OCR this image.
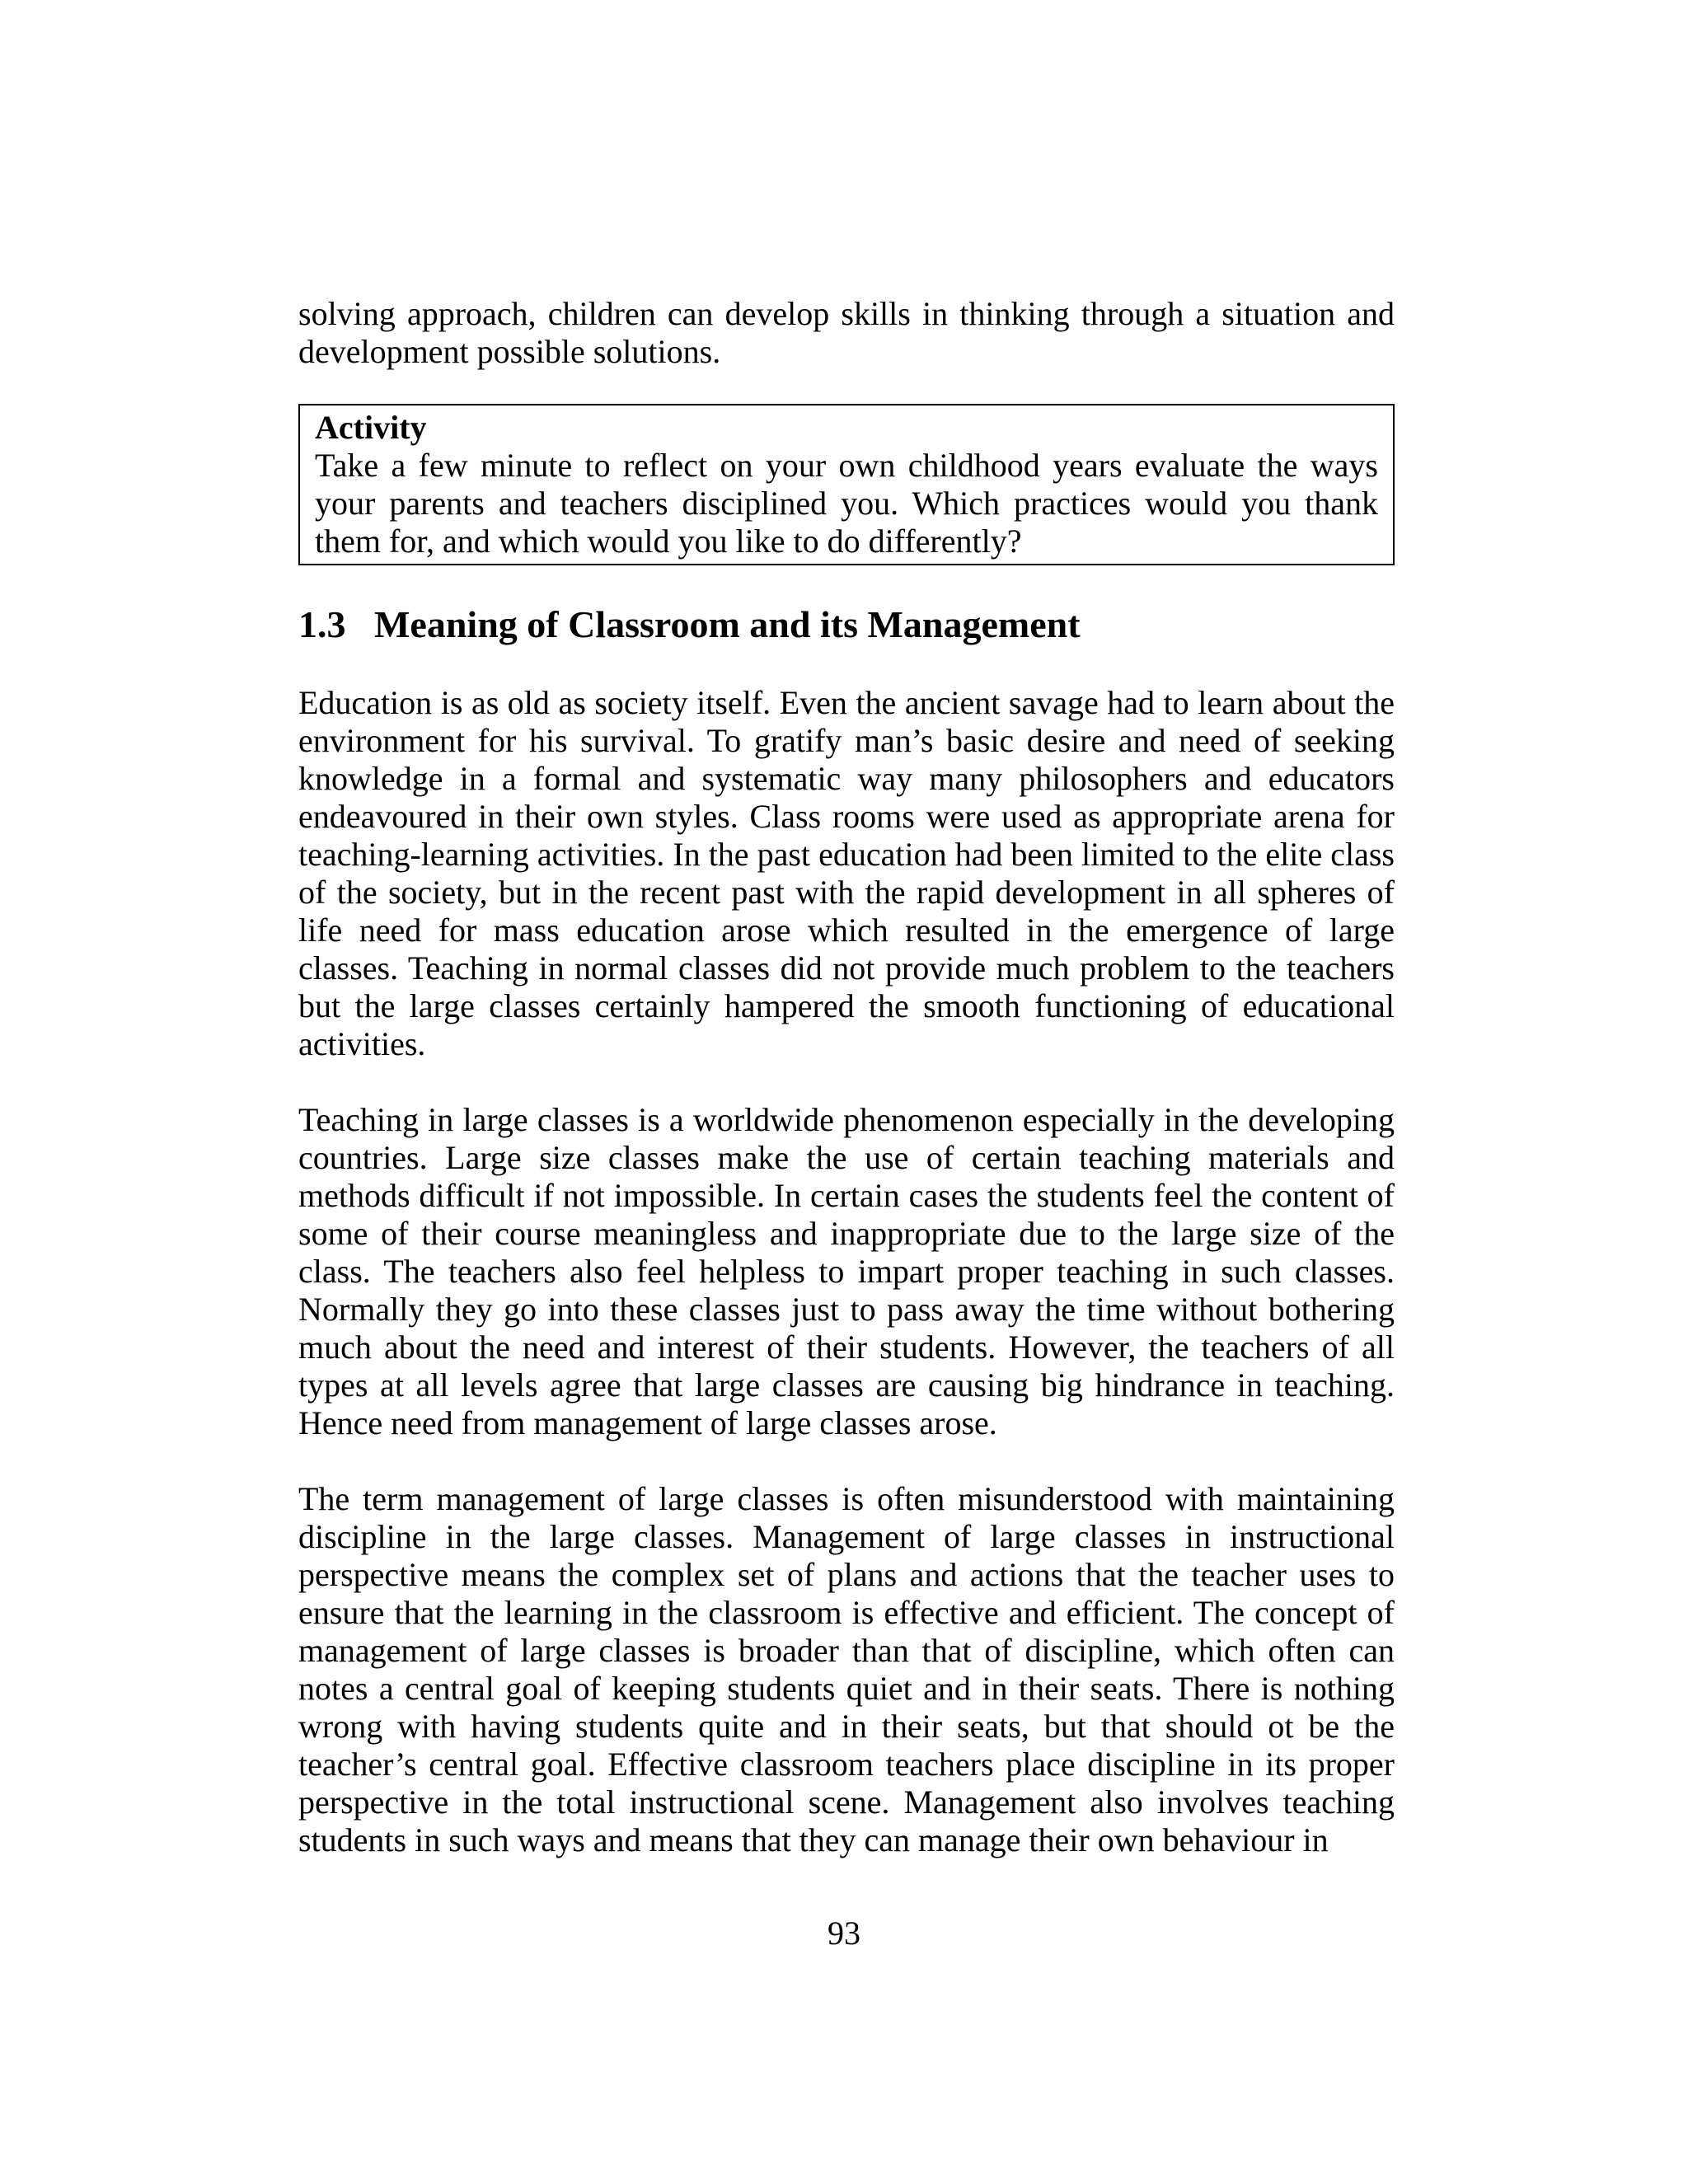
solving approach, children can develop skills in thinking through a situation and development possible solutions.

Activity

Take a few minute to reflect on your own childhood years evaluate the ways your parents and teachers disciplined you. Which practices would you thank them for, and which would you like to do differently?

1.3 Meaning of Classroom and its Management

Education is as old as society itself. Even the ancient savage had to learn about the environment for his survival. To gratify man’s basic desire and need of seeking knowledge in a formal and systematic way many philosophers and educators endeavoured in their own styles. Class rooms were used as appropriate arena for teaching-learning activities. In the past education had been limited to the elite class of the society, but in the recent past with the rapid development in all spheres of life need for mass education arose which resulted in the emergence of large classes. Teaching in normal classes did not provide much problem to the teachers but the large classes certainly hampered the smooth functioning of educational activities.

Teaching in large classes is a worldwide phenomenon especially in the developing countries. Large size classes make the use of certain teaching materials and methods difficult if not impossible. In certain cases the students feel the content of some of their course meaningless and inappropriate due to the large size of the class. The teachers also feel helpless to impart proper teaching in such classes. Normally they go into these classes just to pass away the time without bothering much about the need and interest of their students. However, the teachers of all types at all levels agree that large classes are causing big hindrance in teaching. Hence need from management of large classes arose.

The term management of large classes is often misunderstood with maintaining discipline in the large classes. Management of large classes in instructional perspective means the complex set of plans and actions that the teacher uses to ensure that the learning in the classroom is effective and efficient. The concept of management of large classes is broader than that of discipline, which often can notes a central goal of keeping students quiet and in their seats. There is nothing wrong with having students quite and in their seats, but that should ot be the teacher’s central goal. Effective classroom teachers place discipline in its proper perspective in the total instructional scene. Management also involves teaching students in such ways and means that they can manage their own behaviour in

93
